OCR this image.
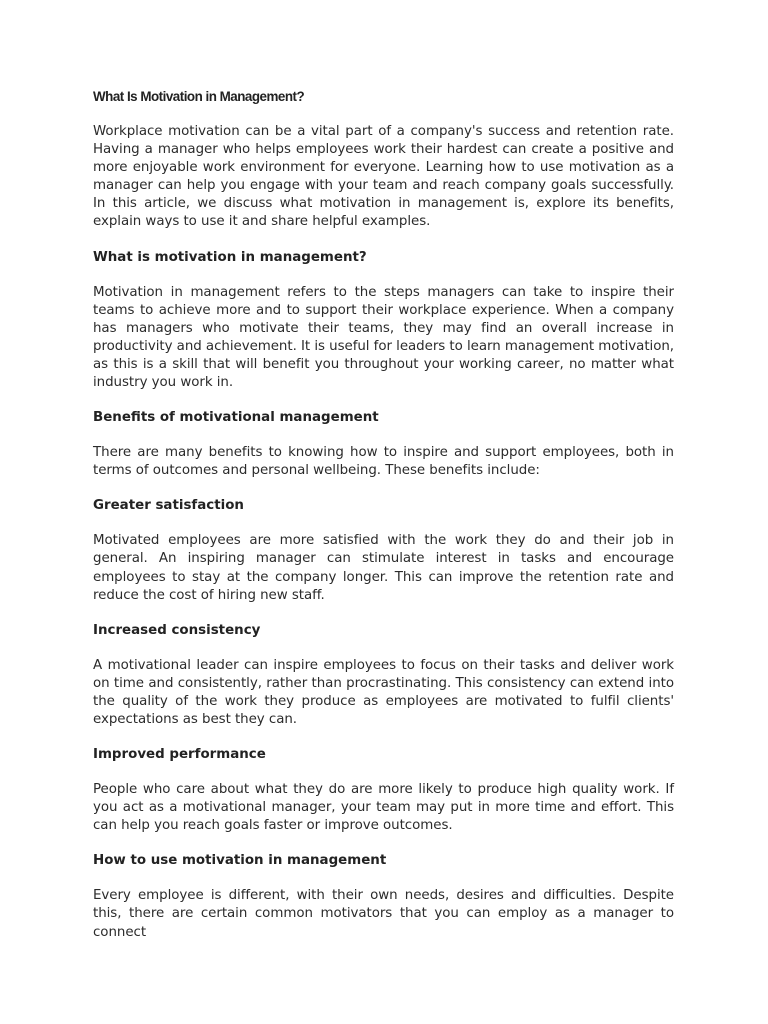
What Is Motivation in Management?

Workplace motivation can be a vital part of a company's success and retention rate. Having a manager who helps employees work their hardest can create a positive and more enjoyable work environment for everyone. Learning how to use motivation as a manager can help you engage with your team and reach company goals successfully. In this article, we discuss what motivation in management is, explore its benefits, explain ways to use it and share helpful examples.

What is motivation in management?

Motivation in management refers to the steps managers can take to inspire their teams to achieve more and to support their workplace experience. When a company has managers who motivate their teams, they may find an overall increase in productivity and achievement. It is useful for leaders to learn management motivation, as this is a skill that will benefit you throughout your working career, no matter what industry you work in.

Benefits of motivational management

There are many benefits to knowing how to inspire and support employees, both in terms of outcomes and personal wellbeing. These benefits include:

Greater satisfaction

Motivated employees are more satisfied with the work they do and their job in general. An inspiring manager can stimulate interest in tasks and encourage employees to stay at the company longer. This can improve the retention rate and reduce the cost of hiring new staff.

Increased consistency

A motivational leader can inspire employees to focus on their tasks and deliver work on time and consistently, rather than procrastinating. This consistency can extend into the quality of the work they produce as employees are motivated to fulfil clients' expectations as best they can.

Improved performance

People who care about what they do are more likely to produce high quality work. If you act as a motivational manager, your team may put in more time and effort. This can help you reach goals faster or improve outcomes.

How to use motivation in management

Every employee is different, with their own needs, desires and difficulties. Despite this, there are certain common motivators that you can employ as a manager to connect
